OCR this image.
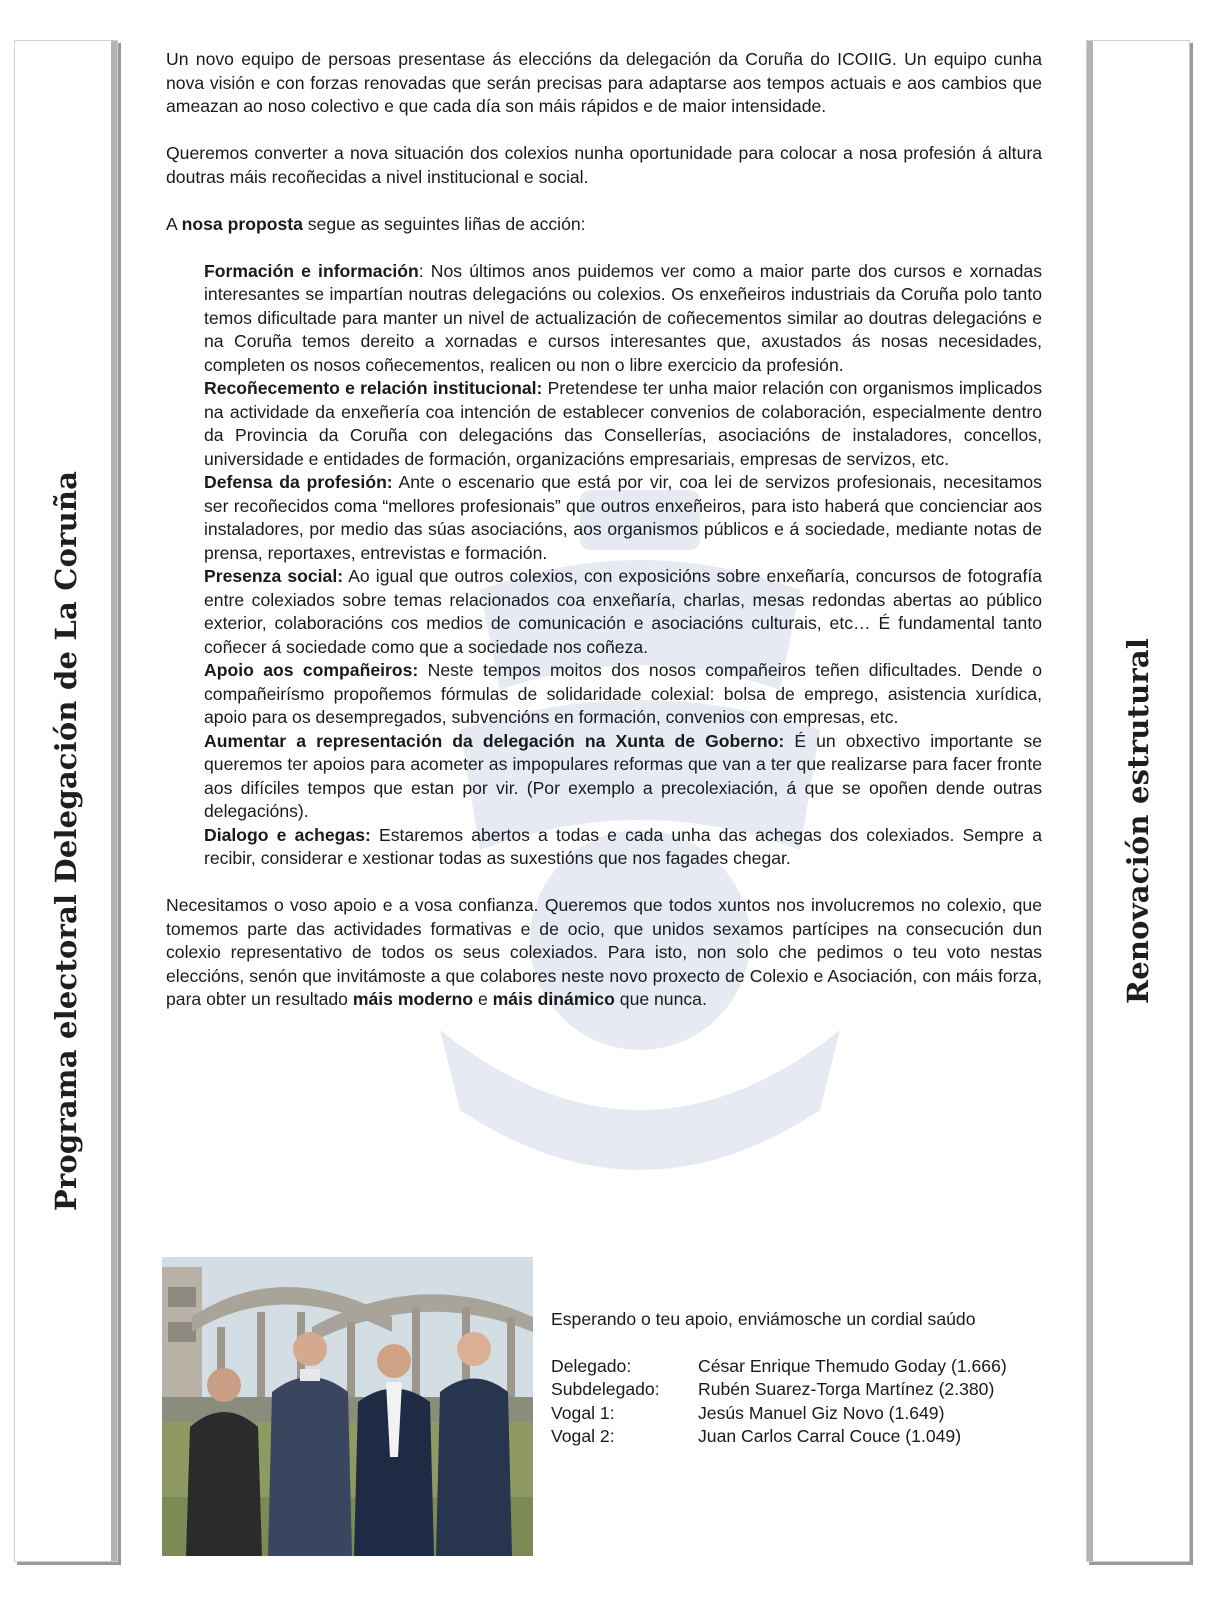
Programa electoral Delegación de La Coruña	Renovación estrutural

Un novo equipo de persoas presentase ás eleccións da delegación da Coruña do ICOIIG. Un equipo cunha nova visión e con forzas renovadas que serán precisas para adaptarse aos tempos actuais e aos cambios que ameazan ao noso colectivo e que cada día son máis rápidos e de maior intensidade.

Queremos converter a nova situación dos colexios nunha oportunidade para colocar a nosa profesión á altura doutras máis recoñecidas a nivel institucional e social.

A nosa proposta segue as seguintes liñas de acción:

Formación e información: Nos últimos anos puidemos ver como a maior parte dos cursos e xornadas interesantes se impartían noutras delegacións ou colexios. Os enxeñeiros industriais da Coruña polo tanto temos dificultade para manter un nivel de actualización de coñecementos similar ao doutras delegacións e na Coruña temos dereito a xornadas e cursos interesantes que, axustados ás nosas necesidades, completen os nosos coñecementos, realicen ou non o libre exercicio da profesión.

Recoñecemento e relación institucional: Pretendese ter unha maior relación con organismos implicados na actividade da enxeñería coa intención de establecer convenios de colaboración, especialmente dentro da Provincia da Coruña con delegacións das Consellerías, asociacións de instaladores, concellos, universidade e entidades de formación, organizacións empresariais, empresas de servizos, etc.

Defensa da profesión: Ante o escenario que está por vir, coa lei de servizos profesionais, necesitamos ser recoñecidos coma “mellores profesionais” que outros enxeñeiros, para isto haberá que concienciar aos instaladores, por medio das súas asociacións, aos organismos públicos e á sociedade, mediante notas de prensa, reportaxes, entrevistas e formación.

Presenza social: Ao igual que outros colexios, con exposicións sobre enxeñaría, concursos de fotografía entre colexiados sobre temas relacionados coa enxeñaría, charlas, mesas redondas abertas ao público exterior, colaboracións cos medios de comunicación e asociacións culturais, etc… É fundamental tanto coñecer á sociedade como que a sociedade nos coñeza.

Apoio aos compañeiros: Neste tempos moitos dos nosos compañeiros teñen dificultades. Dende o compañeirísmo propoñemos fórmulas de solidaridade colexial: bolsa de emprego, asistencia xurídica, apoio para os desempregados, subvencións en formación, convenios con empresas, etc.

Aumentar a representación da delegación na Xunta de Goberno: É un obxectivo importante se queremos ter apoios para acometer as impopulares reformas que van a ter que realizarse para facer fronte aos difíciles tempos que estan por vir. (Por exemplo a precolexiación, á que se opoñen dende outras delegacións).

Dialogo e achegas: Estaremos abertos a todas e cada unha das achegas dos colexiados. Sempre a recibir, considerar e xestionar todas as suxestións que nos fagades chegar.

Necesitamos o voso apoio e a vosa confianza. Queremos que todos xuntos nos involucremos no colexio, que tomemos parte das actividades formativas e de ocio, que unidos sexamos partícipes na consecución dun colexio representativo de todos os seus colexiados. Para isto, non solo che pedimos o teu voto nestas eleccións, senón que invitámoste a que colabores neste novo proxecto de Colexio e Asociación, con máis forza, para obter un resultado máis moderno e máis dinámico que nunca.

Esperando o teu apoio, enviámosche un cordial saúdo
Delegado:	César Enrique Themudo Goday (1.666)
Subdelegado:	Rubén Suarez-Torga Martínez (2.380)
Vogal 1:	Jesús Manuel Giz Novo (1.649)
Vogal 2:	Juan Carlos Carral Couce (1.049)
